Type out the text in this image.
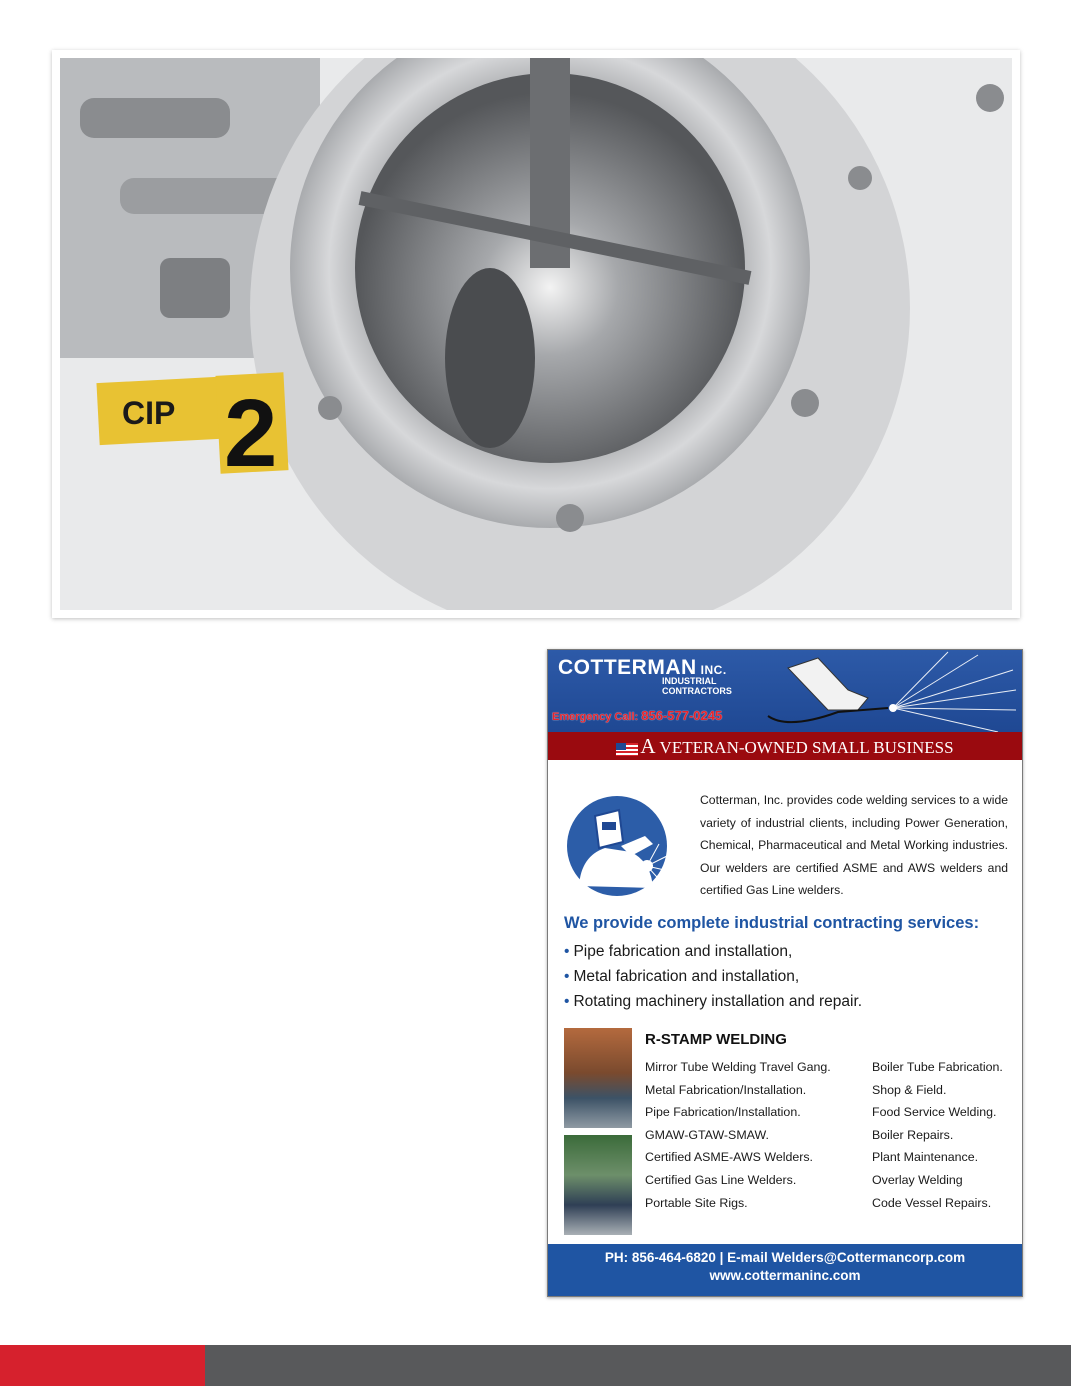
CIP 2
COTTERMAN INC.
INDUSTRIAL
CONTRACTORS
Emergency Call: 856-577-0245
A VETERAN-OWNED SMALL BUSINESS
Cotterman, Inc. provides code welding services to a wide variety of industrial clients, including Power Generation, Chemical, Pharmaceutical and Metal Working industries. Our welders are certified ASME and AWS welders and certified Gas Line welders.
We provide complete industrial contracting services:
• Pipe fabrication and installation,
• Metal fabrication and installation,
• Rotating machinery installation and repair.
R-STAMP WELDING
Mirror Tube Welding Travel Gang.
Metal Fabrication/Installation.
Pipe Fabrication/Installation.
GMAW-GTAW-SMAW.
Certified ASME-AWS Welders.
Certified Gas Line Welders.
Portable Site Rigs.
Boiler Tube Fabrication.
Shop & Field.
Food Service Welding.
Boiler Repairs.
Plant Maintenance.
Overlay Welding
Code Vessel Repairs.
PH: 856-464-6820 | E-mail Welders@Cottermancorp.com
www.cottermaninc.com
